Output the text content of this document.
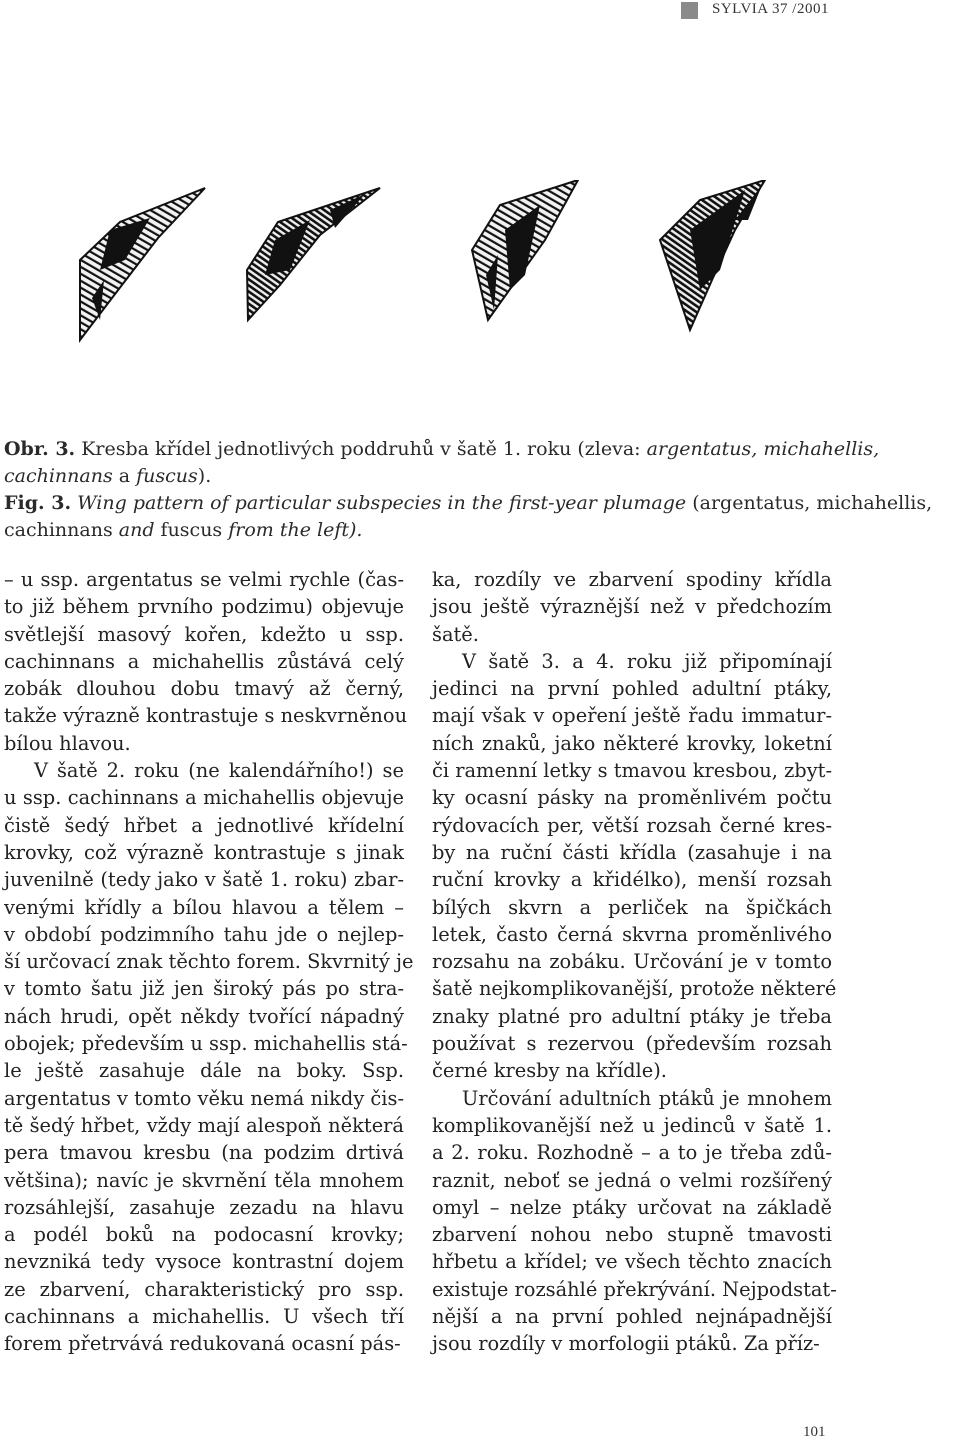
SYLVIA 37 /2001

Obr. 3. Kresba křídel jednotlivých poddruhů v šatě 1. roku (zleva: argentatus, michahellis,
cachinnans a fuscus).

Fig. 3. Wing pattern of particular subspecies in the first-year plumage (argentatus, michahellis,
cachinnans and fuscus from the left).

– u ssp. argentatus se velmi rychle (čas-
to již během prvního podzimu) objevuje
světlejší masový kořen, kdežto u ssp.
cachinnans a michahellis zůstává celý
zobák dlouhou dobu tmavý až černý,
takže výrazně kontrastuje s neskvrněnou
bílou hlavou.
V šatě 2. roku (ne kalendářního!) se
u ssp. cachinnans a michahellis objevuje
čistě šedý hřbet a jednotlivé křídelní
krovky, což výrazně kontrastuje s jinak
juvenilně (tedy jako v šatě 1. roku) zbar-
venými křídly a bílou hlavou a tělem –
v období podzimního tahu jde o nejlep-
ší určovací znak těchto forem. Skvrnitý je
v tomto šatu již jen široký pás po stra-
nách hrudi, opět někdy tvořící nápadný
obojek; především u ssp. michahellis stá-
le ještě zasahuje dále na boky. Ssp.
argentatus v tomto věku nemá nikdy čis-
tě šedý hřbet, vždy mají alespoň některá
pera tmavou kresbu (na podzim drtivá
většina); navíc je skvrnění těla mnohem
rozsáhlejší, zasahuje zezadu na hlavu
a podél boků na podocasní krovky;
nevzniká tedy vysoce kontrastní dojem
ze zbarvení, charakteristický pro ssp.
cachinnans a michahellis. U všech tří
forem přetrvává redukovaná ocasní pás-
ka, rozdíly ve zbarvení spodiny křídla
jsou ještě výraznější než v předchozím
šatě.
V šatě 3. a 4. roku již připomínají
jedinci na první pohled adultní ptáky,
mají však v opeření ještě řadu immatur-
ních znaků, jako některé krovky, loketní
či ramenní letky s tmavou kresbou, zbyt-
ky ocasní pásky na proměnlivém počtu
rýdovacích per, větší rozsah černé kres-
by na ruční části křídla (zasahuje i na
ruční krovky a křidélko), menší rozsah
bílých skvrn a perliček na špičkách
letek, často černá skvrna proměnlivého
rozsahu na zobáku. Určování je v tomto
šatě nejkomplikovanější, protože některé
znaky platné pro adultní ptáky je třeba
používat s rezervou (především rozsah
černé kresby na křídle).
Určování adultních ptáků je mnohem
komplikovanější než u jedinců v šatě 1.
a 2. roku. Rozhodně – a to je třeba zdů-
raznit, neboť se jedná o velmi rozšířený
omyl – nelze ptáky určovat na základě
zbarvení nohou nebo stupně tmavosti
hřbetu a křídel; ve všech těchto znacích
existuje rozsáhlé překrývání. Nejpodstat-
nější a na první pohled nejnápadnější
jsou rozdíly v morfologii ptáků. Za příz-
101
